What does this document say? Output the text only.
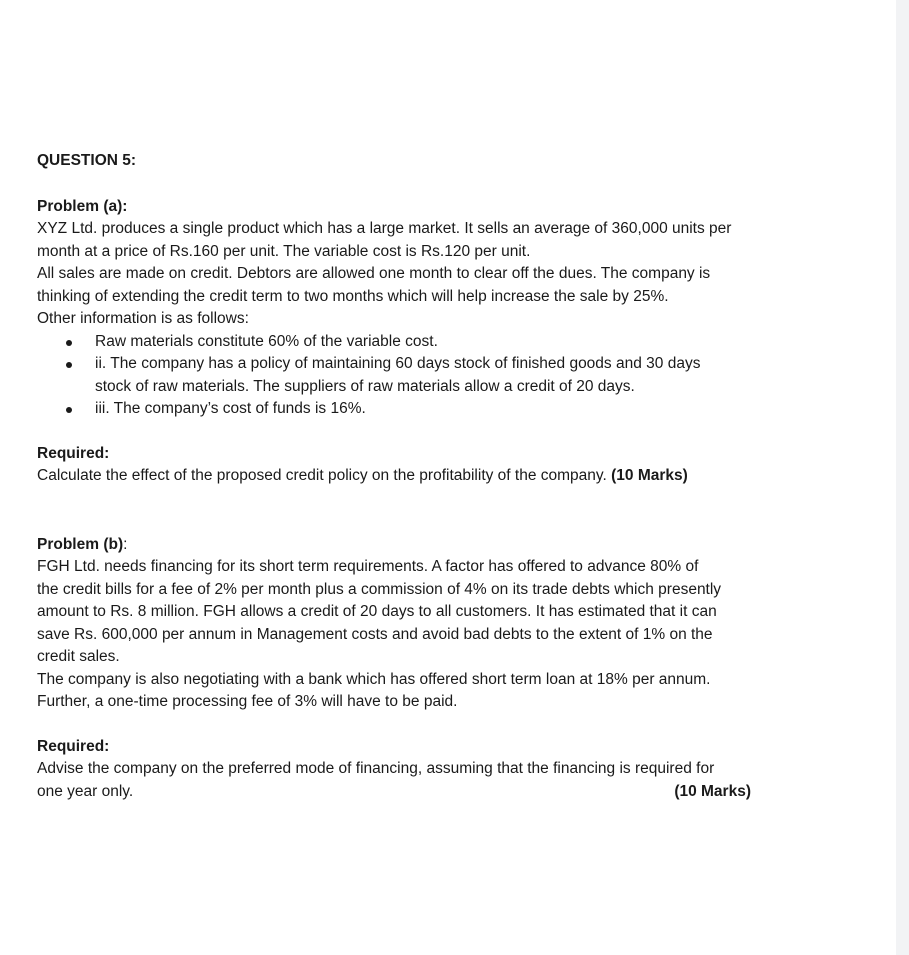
QUESTION 5:

Problem (a):

XYZ Ltd. produces a single product which has a large market. It sells an average of 360,000 units per

month at a price of Rs.160 per unit. The variable cost is Rs.120 per unit.

All sales are made on credit. Debtors are allowed one month to clear off the dues. The company is

thinking of extending the credit term to two months which will help increase the sale by 25%.

Other information is as follows:

Raw materials constitute 60% of the variable cost.
ii. The company has a policy of maintaining 60 days stock of finished goods and 30 days
stock of raw materials. The suppliers of raw materials allow a credit of 20 days.
iii. The company’s cost of funds is 16%.

Required:

Calculate the effect of the proposed credit policy on the profitability of the company. (10 Marks)

Problem (b):

FGH Ltd. needs financing for its short term requirements. A factor has offered to advance 80% of

the credit bills for a fee of 2% per month plus a commission of 4% on its trade debts which presently

amount to Rs. 8 million. FGH allows a credit of 20 days to all customers. It has estimated that it can

save Rs. 600,000 per annum in Management costs and avoid bad debts to the extent of 1% on the

credit sales.

The company is also negotiating with a bank which has offered short term loan at 18% per annum.

Further, a one-time processing fee of 3% will have to be paid.

Required:

Advise the company on the preferred mode of financing, assuming that the financing is required for

one year only.	(10 Marks)
